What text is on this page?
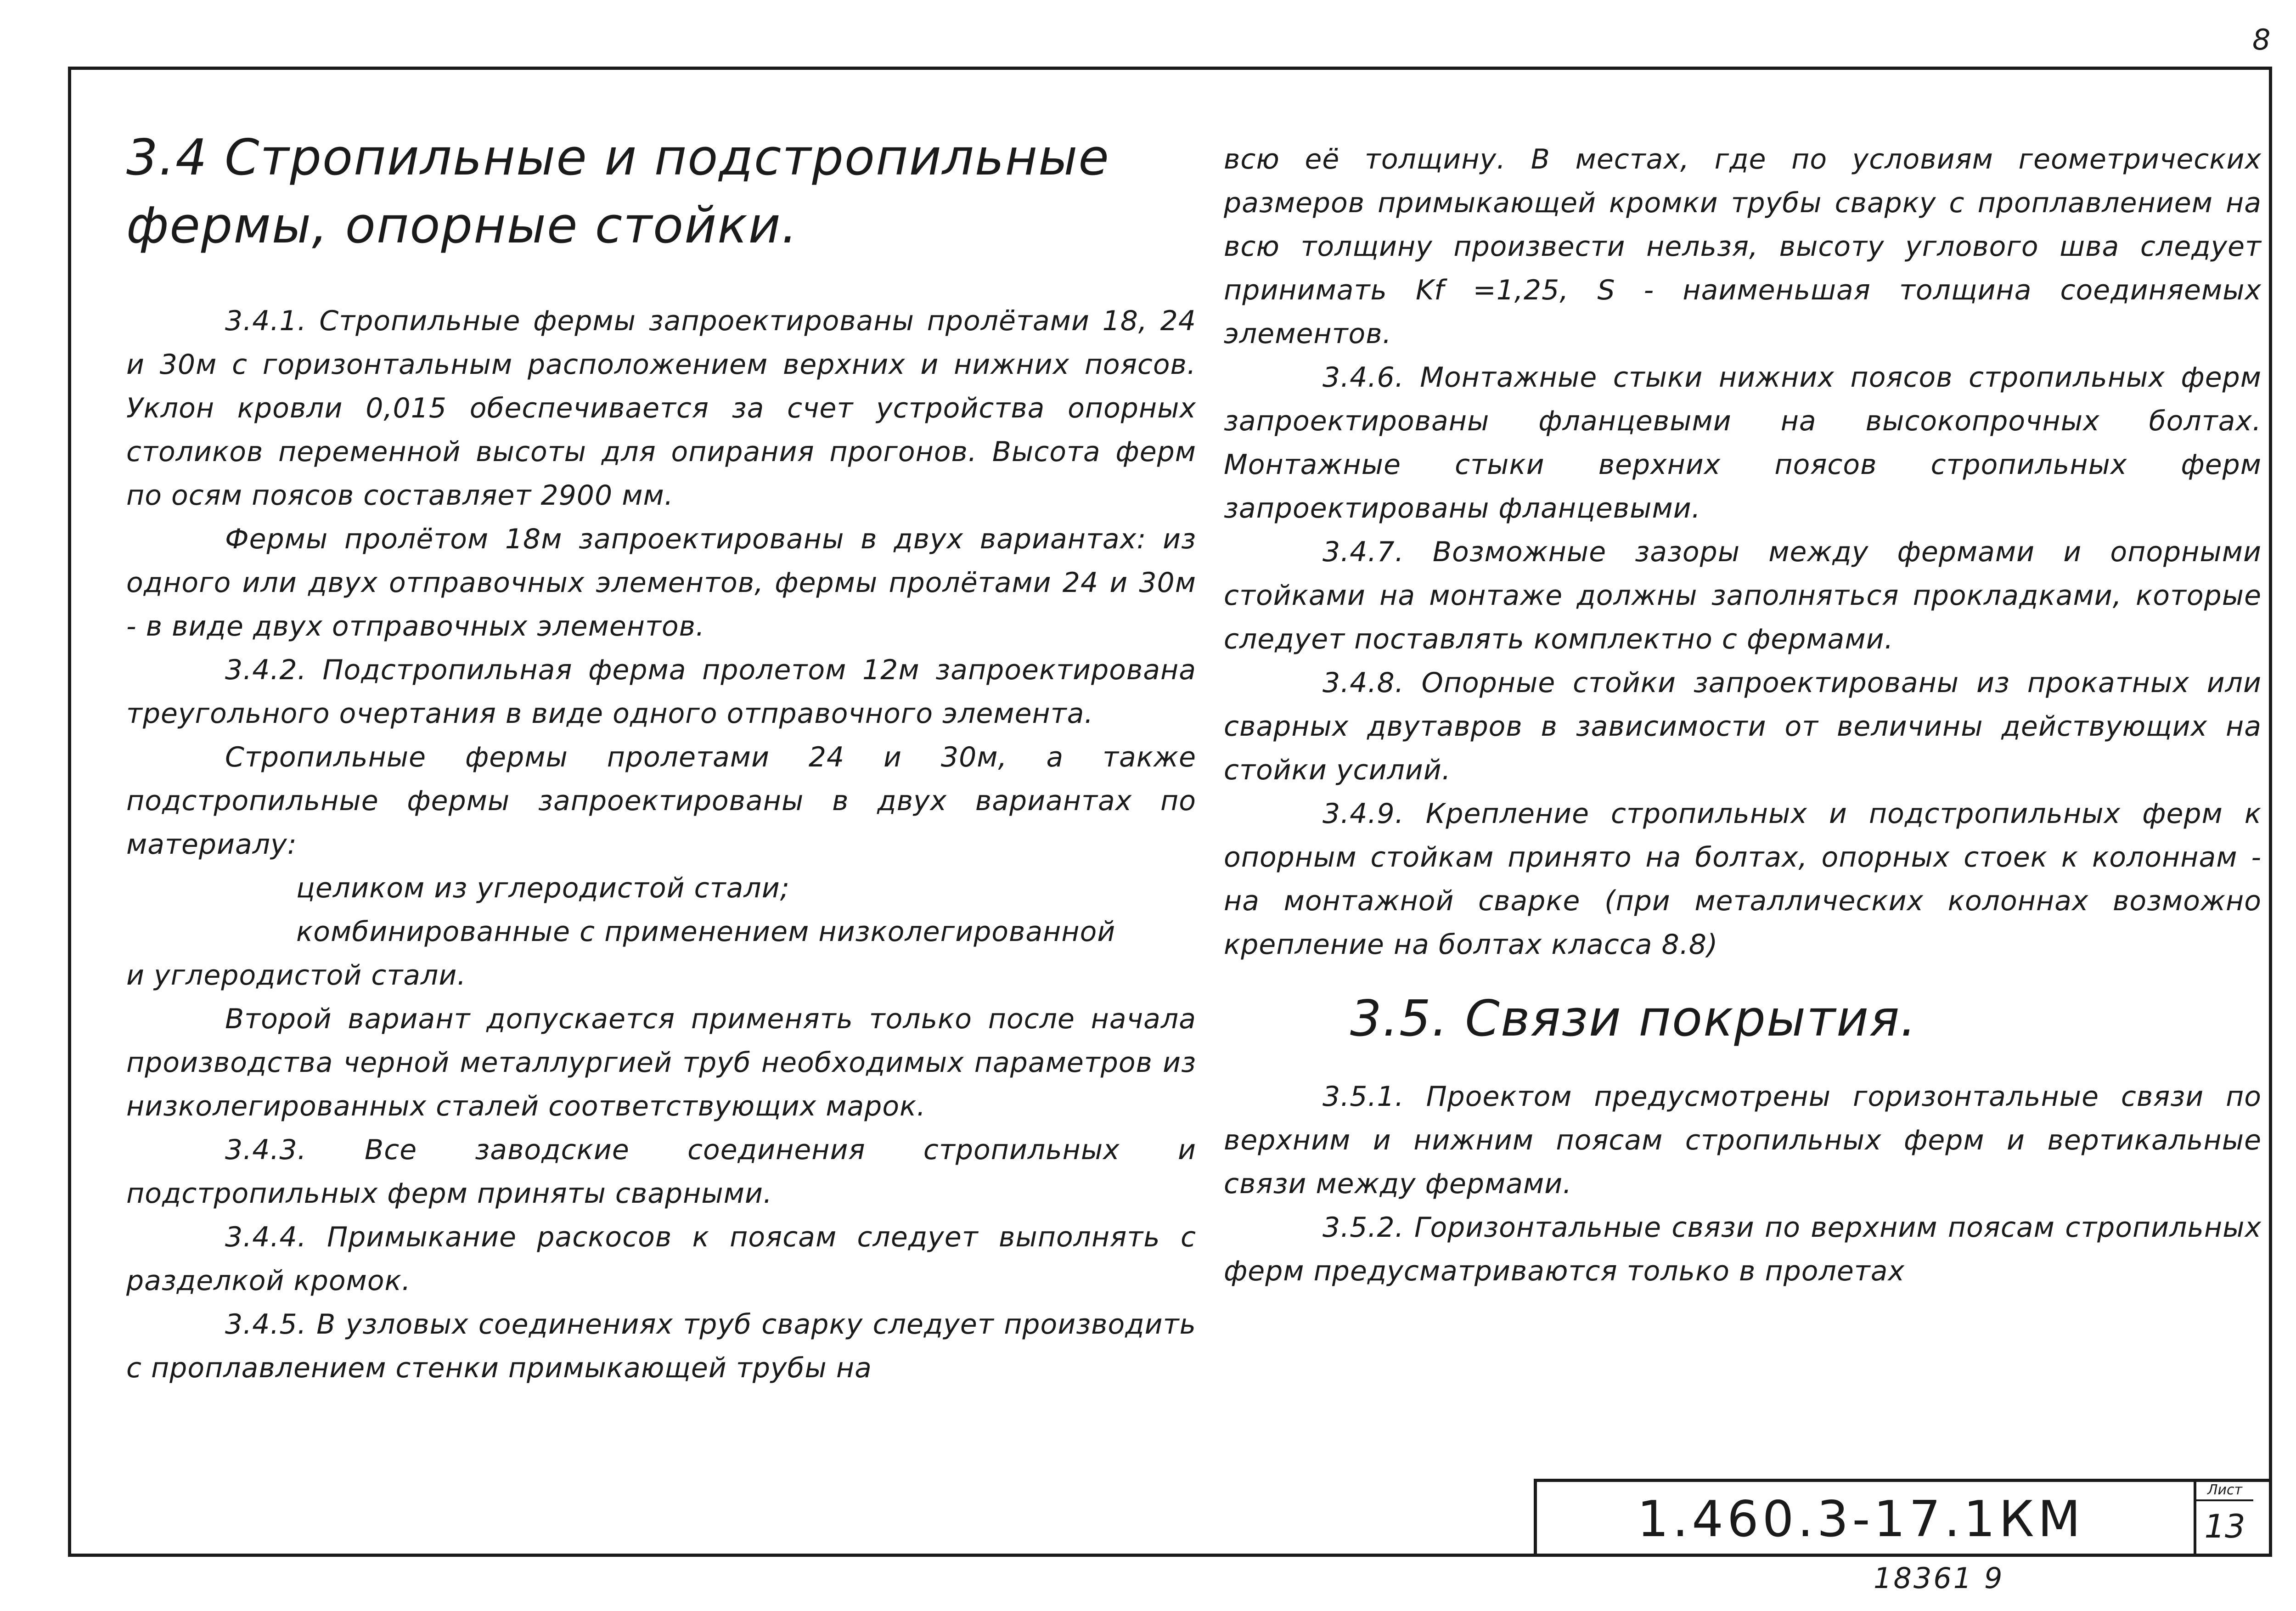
8
3.4 Стропильные и подстропильные
фермы, опорные стойки.

3.4.1. Стропильные фермы запроектированы пролётами 18, 24 и 30м с горизонтальным расположением верхних и нижних поясов. Уклон кровли 0,015 обеспечивается за счет устройства опорных столиков переменной высоты для опирания прогонов. Высота ферм по осям поясов составляет 2900 мм.

Фермы пролётом 18м запроектированы в двух вариантах: из одного или двух отправочных элементов, фермы пролётами 24 и 30м - в виде двух отправочных элементов.

3.4.2. Подстропильная ферма пролетом 12м запроектирована треугольного очертания в виде одного отправочного элемента.

Стропильные фермы пролетами 24 и 30м, а также подстропильные фермы запроектированы в двух вариантах по материалу:

целиком из углеродистой стали;

комбинированные с применением низколегированной

и углеродистой стали.

Второй вариант допускается применять только после начала производства черной металлургией труб необходимых параметров из низколегированных сталей соответствующих марок.

3.4.3. Все заводские соединения стропильных и подстропильных ферм приняты сварными.

3.4.4. Примыкание раскосов к поясам следует выполнять с разделкой кромок.

3.4.5. В узловых соединениях труб сварку следует производить с проплавлением стенки примыкающей трубы на

всю её толщину. В местах, где по условиям геометрических размеров примыкающей кромки трубы сварку с проплавлением на всю толщину произвести нельзя, высоту углового шва следует принимать Kf =1,25, S - наименьшая толщина соединяемых элементов.

3.4.6. Монтажные стыки нижних поясов стропильных ферм запроектированы фланцевыми на высокопрочных болтах. Монтажные стыки верхних поясов стропильных ферм запроектированы фланцевыми.

3.4.7. Возможные зазоры между фермами и опорными стойками на монтаже должны заполняться прокладками, которые следует поставлять комплектно с фермами.

3.4.8. Опорные стойки запроектированы из прокатных или сварных двутавров в зависимости от величины действующих на стойки усилий.

3.4.9. Крепление стропильных и подстропильных ферм к опорным стойкам принято на болтах, опорных стоек к колоннам - на монтажной сварке (при металлических колоннах возможно крепление на болтах класса 8.8)

3.5. Связи покрытия.

3.5.1. Проектом предусмотрены горизонтальные связи по верхним и нижним поясам стропильных ферм и вертикальные связи между фермами.

3.5.2. Горизонтальные связи по верхним поясам стропильных ферм предусматриваются только в пролетах

1.460.3-17.1КМ
Лист
13
18361 9
